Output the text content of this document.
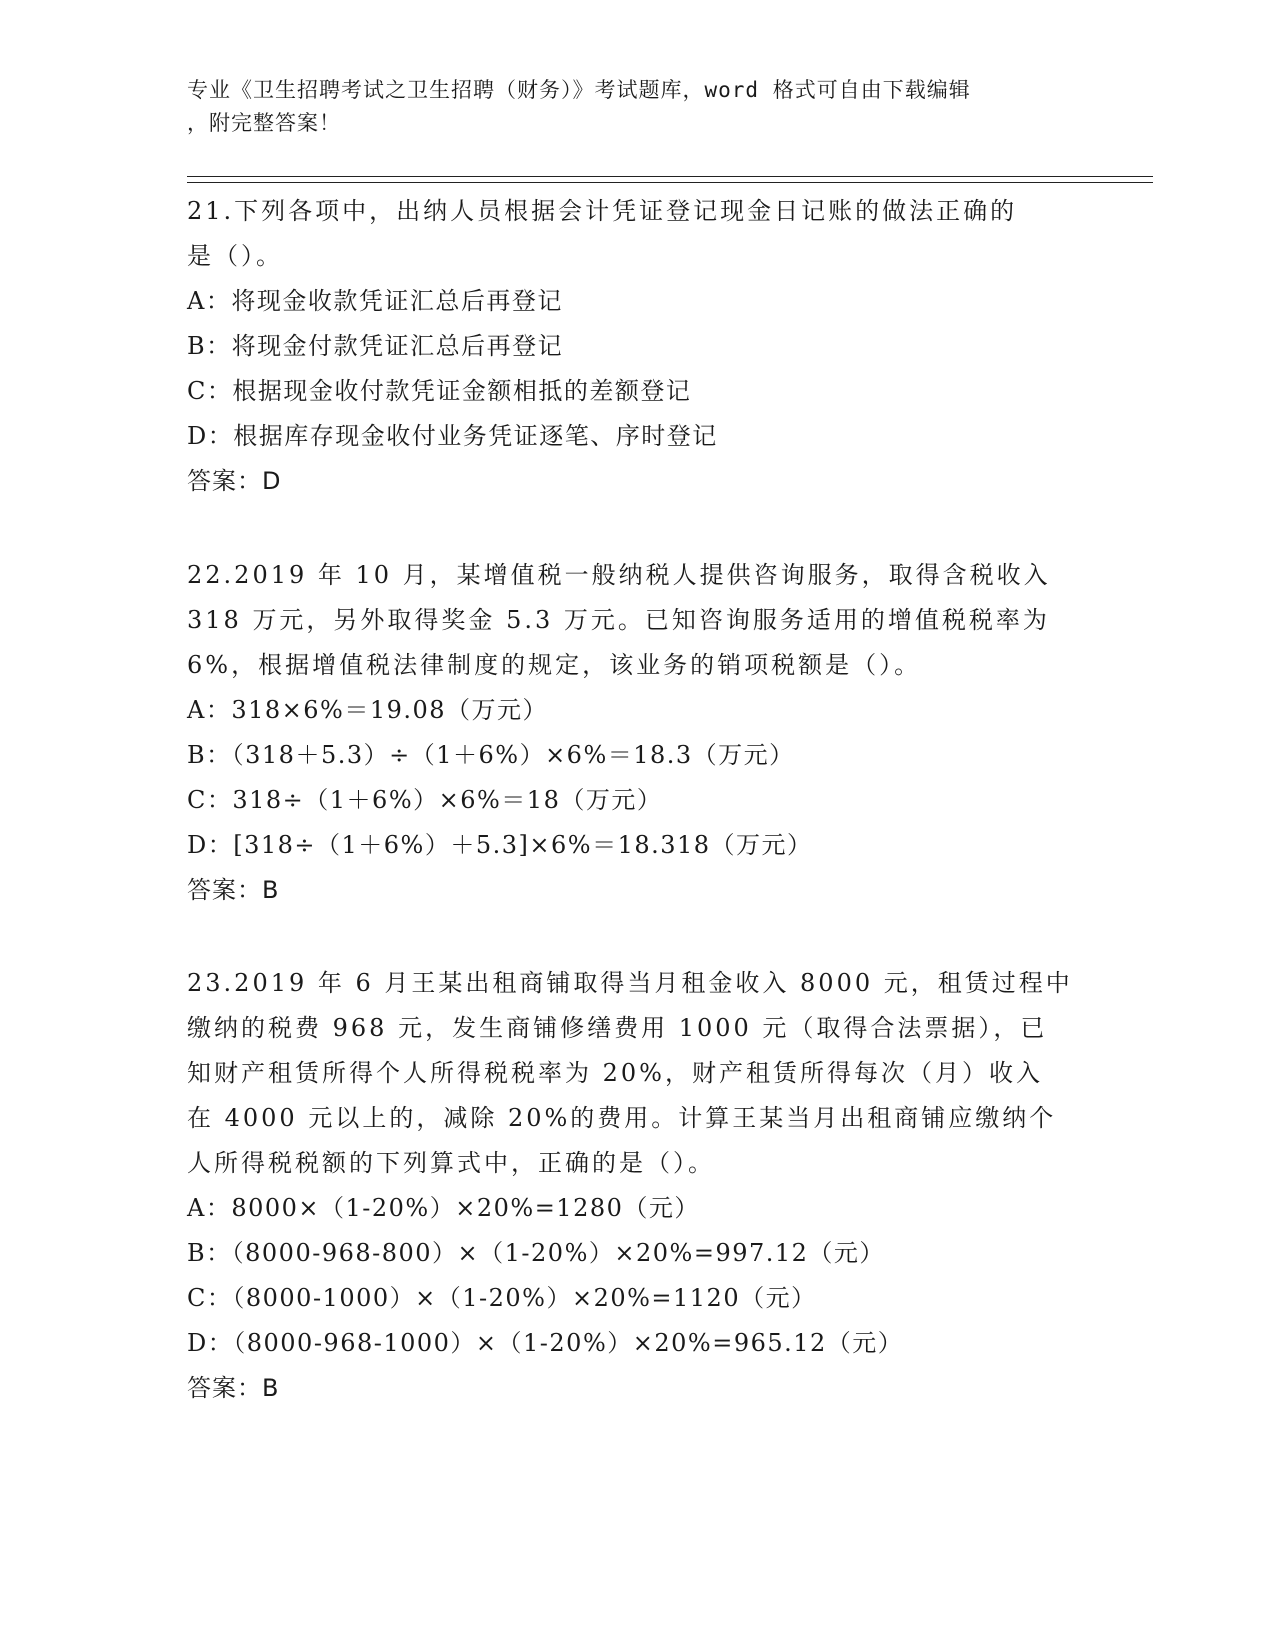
专业《卫生招聘考试之卫生招聘（财务）》考试题库，word 格式可自由下载编辑
，附完整答案！
21.下列各项中，出纳人员根据会计凭证登记现金日记账的做法正确的
是（）。
A：将现金收款凭证汇总后再登记
B：将现金付款凭证汇总后再登记
C：根据现金收付款凭证金额相抵的差额登记
D：根据库存现金收付业务凭证逐笔、序时登记
答案：D
22.2019 年 10 月，某增值税一般纳税人提供咨询服务，取得含税收入
318 万元，另外取得奖金 5.3 万元。已知咨询服务适用的增值税税率为
6%，根据增值税法律制度的规定，该业务的销项税额是（）。
A：318×6%＝19.08（万元）
B：（318＋5.3）÷（1＋6%）×6%＝18.3（万元）
C：318÷（1＋6%）×6%＝18（万元）
D：[318÷（1＋6%）＋5.3]×6%＝18.318（万元）
答案：B
23.2019 年 6 月王某出租商铺取得当月租金收入 8000 元，租赁过程中
缴纳的税费 968 元，发生商铺修缮费用 1000 元（取得合法票据），已
知财产租赁所得个人所得税税率为 20%，财产租赁所得每次（月）收入
在 4000 元以上的，减除 20%的费用。计算王某当月出租商铺应缴纳个
人所得税税额的下列算式中，正确的是（）。
A：8000×（1-20%）×20%=1280（元）
B：（8000-968-800）×（1-20%）×20%=997.12（元）
C：（8000-1000）×（1-20%）×20%=1120（元）
D：（8000-968-1000）×（1-20%）×20%=965.12（元）
答案：B
